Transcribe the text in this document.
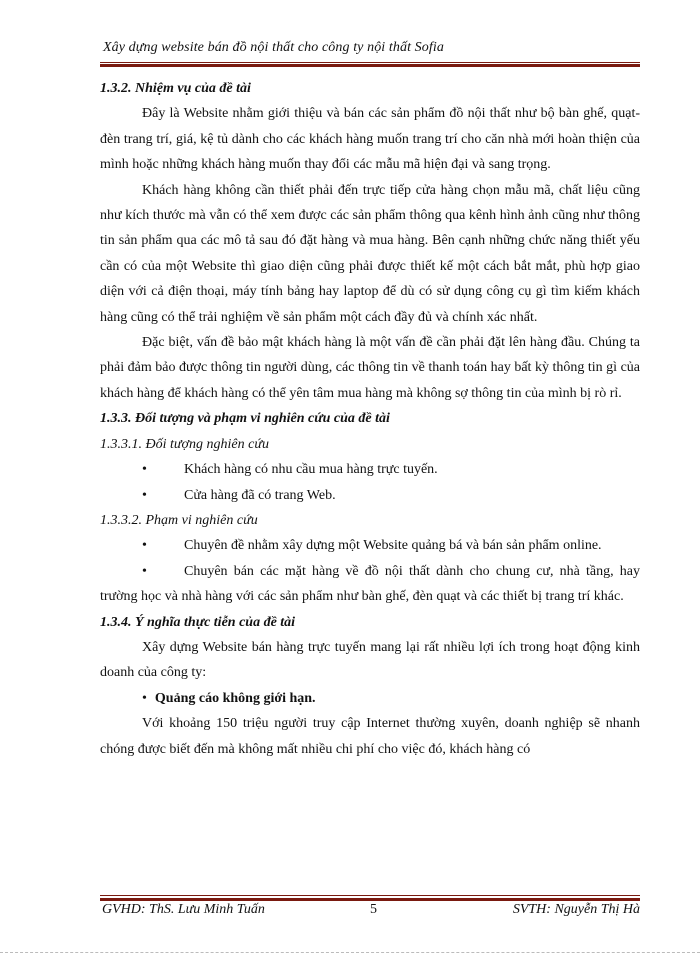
Xây dựng website bán đồ nội thất cho công ty nội thất Sofia

1.3.2. Nhiệm vụ của đề tài

Đây là Website nhằm giới thiệu và bán các sản phẩm đồ nội thất như bộ bàn ghế, quạt- đèn trang trí, giá, kệ tủ dành cho các khách hàng muốn trang trí cho căn nhà mới hoàn thiện của mình hoặc những khách hàng muốn thay đổi các mẫu mã hiện đại và sang trọng.

Khách hàng không cần thiết phải đến trực tiếp cửa hàng chọn mẫu mã, chất liệu cũng như kích thước mà vẫn có thể xem được các sản phẩm thông qua kênh hình ảnh cũng như thông tin sản phẩm qua các mô tả sau đó đặt hàng và mua hàng. Bên cạnh những chức năng thiết yếu cần có của một Website thì giao diện cũng phải được thiết kế một cách bắt mắt, phù hợp giao diện với cả điện thoại, máy tính bảng hay laptop để dù có sử dụng công cụ gì tìm kiếm khách hàng cũng có thể trải nghiệm về sản phẩm một cách đầy đủ và chính xác nhất.

Đặc biệt, vấn đề bảo mật khách hàng là một vấn đề cần phải đặt lên hàng đầu. Chúng ta phải đảm bảo được thông tin người dùng, các thông tin về thanh toán hay bất kỳ thông tin gì của khách hàng để khách hàng có thể yên tâm mua hàng mà không sợ thông tin của mình bị rò rỉ.

1.3.3. Đối tượng và phạm vi nghiên cứu của đề tài

1.3.3.1. Đối tượng nghiên cứu

•	Khách hàng có nhu cầu mua hàng trực tuyến.

•	Cửa hàng đã có trang Web.

1.3.3.2. Phạm vi nghiên cứu

•	Chuyên đề nhằm xây dựng một Website quảng bá và bán sản phẩm online.

•	Chuyên bán các mặt hàng về đồ nội thất dành cho chung cư, nhà tầng, hay trường học và nhà hàng với các sản phẩm như bàn ghế, đèn quạt và các thiết bị trang trí khác.

1.3.4. Ý nghĩa thực tiễn của đề tài

Xây dựng Website bán hàng trực tuyến mang lại rất nhiều lợi ích trong hoạt động kinh doanh của công ty:

• Quảng cáo không giới hạn.

Với khoảng 150 triệu người truy cập Internet thường xuyên, doanh nghiệp sẽ nhanh chóng được biết đến mà không mất nhiều chi phí cho việc đó, khách hàng có

GVHD: ThS. Lưu Minh Tuấn	5	SVTH: Nguyễn Thị Hà
